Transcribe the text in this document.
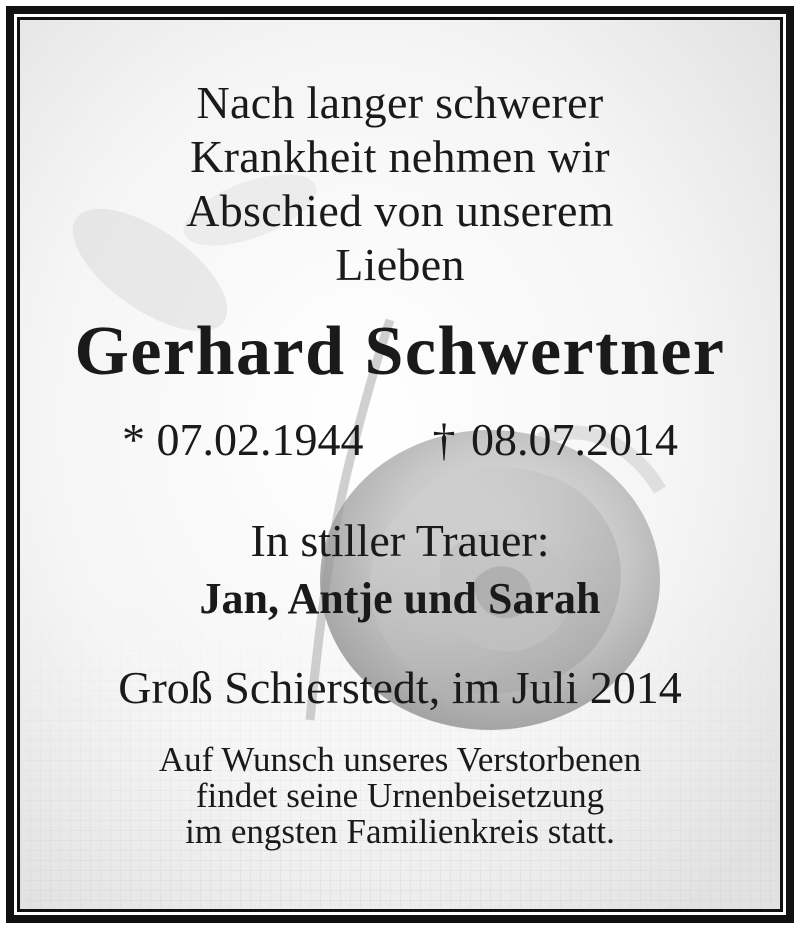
Nach langer schwerer
Krankheit nehmen wir
Abschied von unserem
Lieben
Gerhard Schwertner
* 07.02.1944 † 08.07.2014
In stiller Trauer:
Jan, Antje und Sarah
Groß Schierstedt, im Juli 2014
Auf Wunsch unseres Verstorbenen
findet seine Urnenbeisetzung
im engsten Familienkreis statt.
